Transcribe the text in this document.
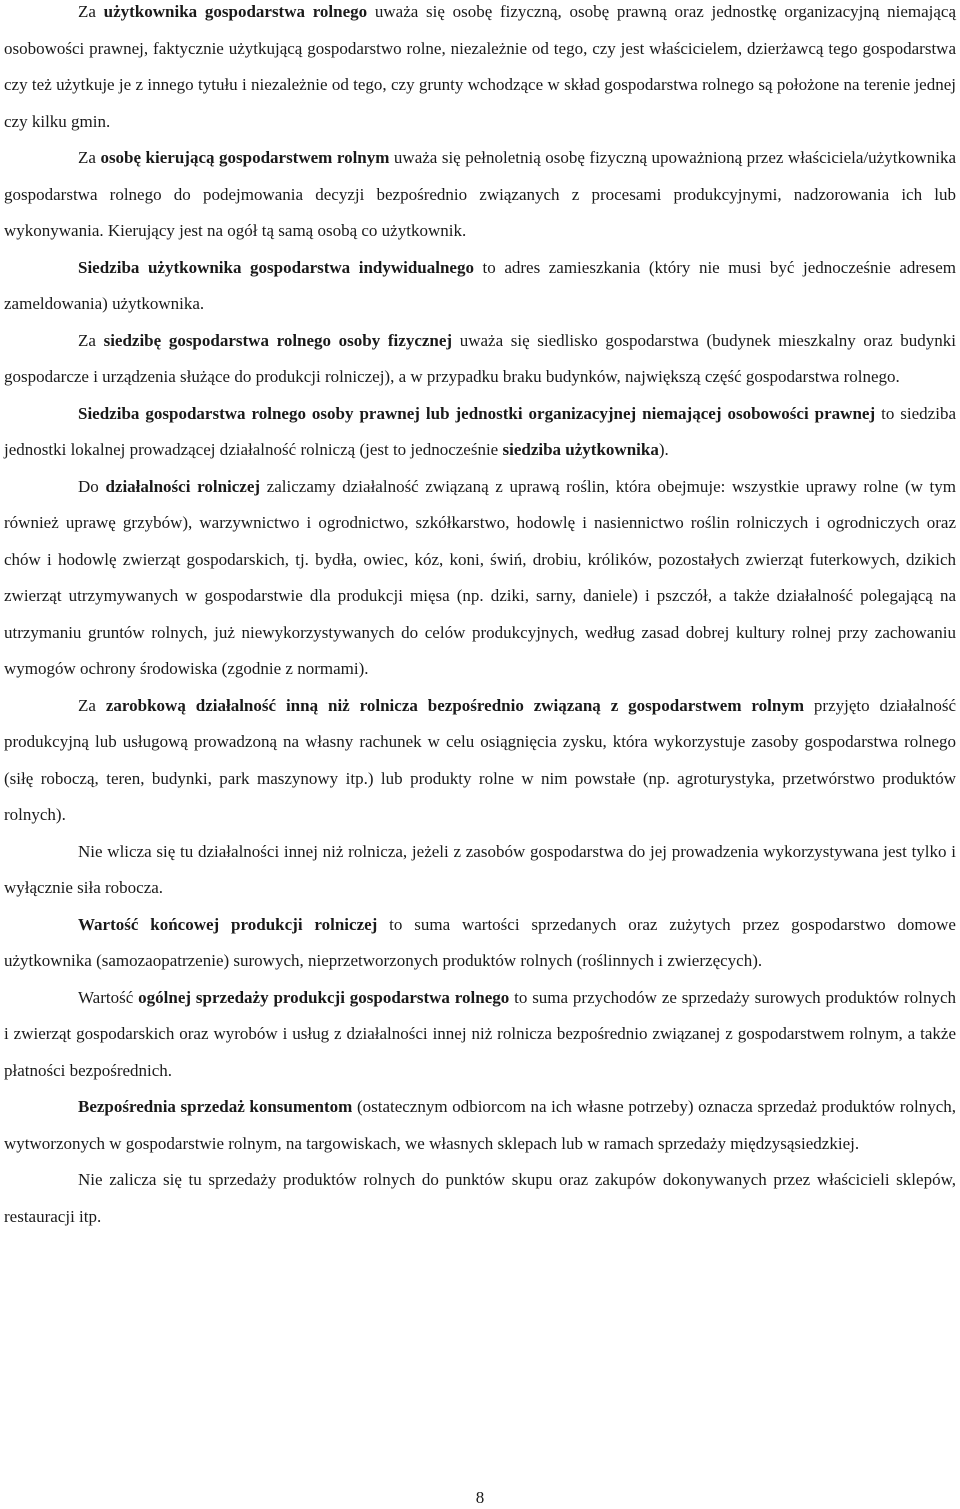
Za użytkownika gospodarstwa rolnego uważa się osobę fizyczną, osobę prawną oraz jednostkę organizacyjną niemającą osobowości prawnej, faktycznie użytkującą gospodarstwo rolne, niezależnie od tego, czy jest właścicielem, dzierżawcą tego gospodarstwa czy też użytkuje je z innego tytułu i niezależnie od tego, czy grunty wchodzące w skład gospodarstwa rolnego są położone na terenie jednej czy kilku gmin.

Za osobę kierującą gospodarstwem rolnym uważa się pełnoletnią osobę fizyczną upoważnioną przez właściciela/użytkownika gospodarstwa rolnego do podejmowania decyzji bezpośrednio związanych z procesami produkcyjnymi, nadzorowania ich lub wykonywania. Kierujący jest na ogół tą samą osobą co użytkownik.

Siedziba użytkownika gospodarstwa indywidualnego to adres zamieszkania (który nie musi być jednocześnie adresem zameldowania) użytkownika.

Za siedzibę gospodarstwa rolnego osoby fizycznej uważa się siedlisko gospodarstwa (budynek mieszkalny oraz budynki gospodarcze i urządzenia służące do produkcji rolniczej), a w przypadku braku budynków, największą część gospodarstwa rolnego.

Siedziba gospodarstwa rolnego osoby prawnej lub jednostki organizacyjnej niemającej osobowości prawnej to siedziba jednostki lokalnej prowadzącej działalność rolniczą (jest to jednocześnie siedziba użytkownika).

Do działalności rolniczej zaliczamy działalność związaną z uprawą roślin, która obejmuje: wszystkie uprawy rolne (w tym również uprawę grzybów), warzywnictwo i ogrodnictwo, szkółkarstwo, hodowlę i nasiennictwo roślin rolniczych i ogrodniczych oraz chów i hodowlę zwierząt gospodarskich, tj. bydła, owiec, kóz, koni, świń, drobiu, królików, pozostałych zwierząt futerkowych, dzikich zwierząt utrzymywanych w gospodarstwie dla produkcji mięsa (np. dziki, sarny, daniele) i pszczół, a także działalność polegającą na utrzymaniu gruntów rolnych, już niewykorzystywanych do celów produkcyjnych, według zasad dobrej kultury rolnej przy zachowaniu wymogów ochrony środowiska (zgodnie z normami).

Za zarobkową działalność inną niż rolnicza bezpośrednio związaną z gospodarstwem rolnym przyjęto działalność produkcyjną lub usługową prowadzoną na własny rachunek w celu osiągnięcia zysku, która wykorzystuje zasoby gospodarstwa rolnego (siłę roboczą, teren, budynki, park maszynowy itp.) lub produkty rolne w nim powstałe (np. agroturystyka, przetwórstwo produktów rolnych).

Nie wlicza się tu działalności innej niż rolnicza, jeżeli z zasobów gospodarstwa do jej prowadzenia wykorzystywana jest tylko i wyłącznie siła robocza.

Wartość końcowej produkcji rolniczej to suma wartości sprzedanych oraz zużytych przez gospodarstwo domowe użytkownika (samozaopatrzenie) surowych, nieprzetworzonych produktów rolnych (roślinnych i zwierzęcych).

Wartość ogólnej sprzedaży produkcji gospodarstwa rolnego to suma przychodów ze sprzedaży surowych produktów rolnych i zwierząt gospodarskich oraz wyrobów i usług z działalności innej niż rolnicza bezpośrednio związanej z gospodarstwem rolnym, a także płatności bezpośrednich.

Bezpośrednia sprzedaż konsumentom (ostatecznym odbiorcom na ich własne potrzeby) oznacza sprzedaż produktów rolnych, wytworzonych w gospodarstwie rolnym, na targowiskach, we własnych sklepach lub w ramach sprzedaży międzysąsiedzkiej.

Nie zalicza się tu sprzedaży produktów rolnych do punktów skupu oraz zakupów dokonywanych przez właścicieli sklepów, restauracji itp.

8
